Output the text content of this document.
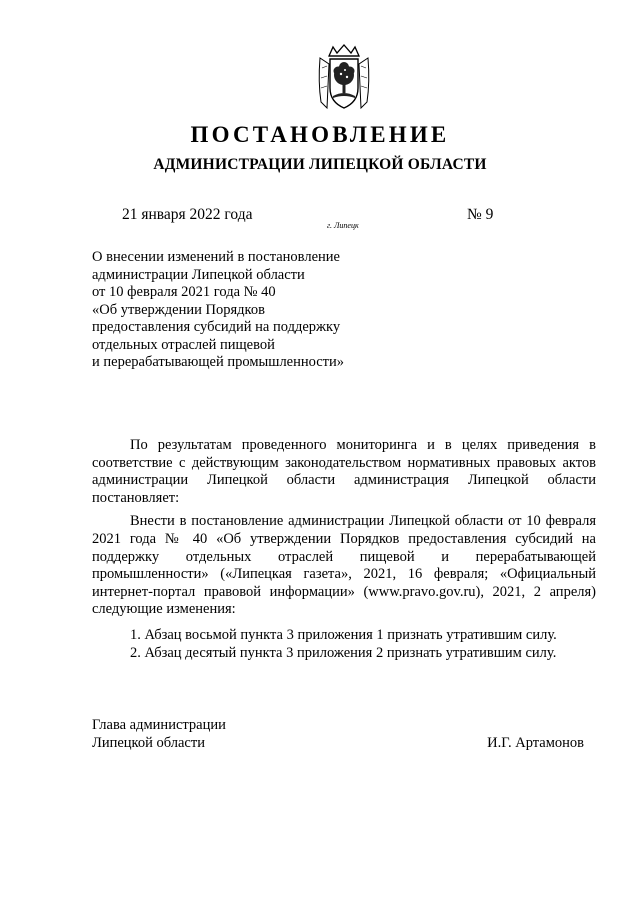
ПОСТАНОВЛЕНИЕ
АДМИНИСТРАЦИИ ЛИПЕЦКОЙ ОБЛАСТИ
21 января 2022 года
г. Липецк
№ 9
О внесении изменений в постановление
администрации Липецкой области
от 10 февраля 2021 года № 40
«Об утверждении Порядков
предоставления субсидий на поддержку
отдельных отраслей пищевой
и перерабатывающей промышленности»

По результатам проведенного мониторинга и в целях приведения в соответствие с действующим законодательством нормативных правовых актов администрации Липецкой области администрация Липецкой области постановляет:

Внести в постановление администрации Липецкой области от 10 февраля 2021 года № 40 «Об утверждении Порядков предоставления субсидий на поддержку отдельных отраслей пищевой и перерабатывающей промышленности» («Липецкая газета», 2021, 16 февраля; «Официальный интернет-портал правовой информации» (www.pravo.gov.ru), 2021, 2 апреля) следующие изменения:

1. Абзац восьмой пункта 3 приложения 1 признать утратившим силу.

2. Абзац десятый пункта 3 приложения 2 признать утратившим силу.

Глава администрации
Липецкой области	И.Г. Артамонов
